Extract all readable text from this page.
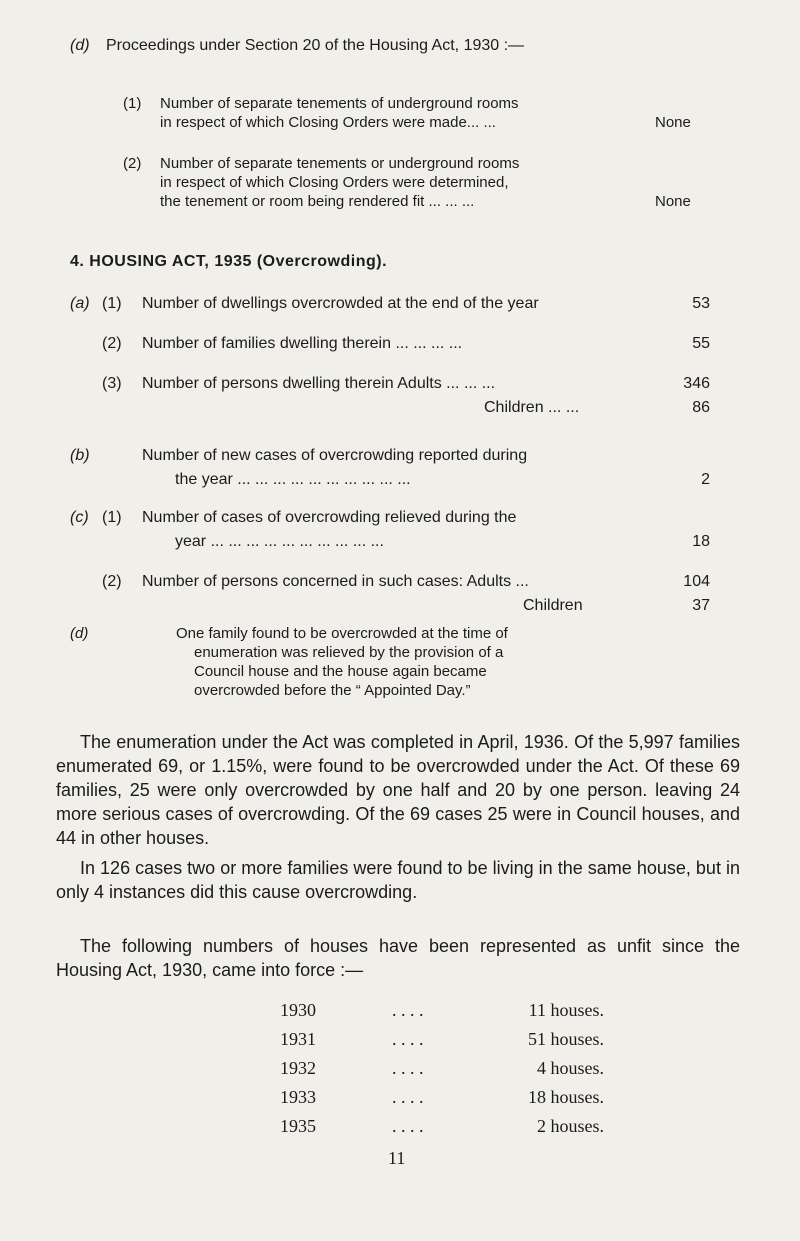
(d) Proceedings under Section 20 of the Housing Act, 1930 :—
(1) Number of separate tenements of underground rooms
in respect of which Closing Orders were made... ...	None
(2) Number of separate tenements or underground rooms
in respect of which Closing Orders were determined,
the tenement or room being rendered fit ... ... ...	None
4. HOUSING ACT, 1935 (Overcrowding).
(a) (1) Number of dwellings overcrowded at the end of the year	53
(2) Number of families dwelling therein ... ... ... ...	55
(3) Number of persons dwelling therein Adults ... ... ...	346
Children ... ...	86
(b)	Number of new cases of overcrowding reported during
the year ... ... ... ... ... ... ... ... ... ...	2
(c) (1) Number of cases of overcrowding relieved during the
year ... ... ... ... ... ... ... ... ... ...	18
(2) Number of persons concerned in such cases: Adults ...	104
Children	37
(d)	One family found to be overcrowded at the time of
enumeration was relieved by the provision of a
Council house and the house again became
overcrowded before the “ Appointed Day.”
The enumeration under the Act was completed in April, 1936. Of the 5,997 families enumerated 69, or 1.15%, were found to be overcrowded under the Act. Of these 69 families, 25 were only overcrowded by one half and 20 by one person. leaving 24 more serious cases of overcrowding. Of the 69 cases 25 were in Council houses, and 44 in other houses.
In 126 cases two or more families were found to be living in the same house, but in only 4 instances did this cause overcrowding.
The following numbers of houses have been represented as unfit since the Housing Act, 1930, came into force :—
1930	. . . .	11 houses.
1931	. . . .	51 houses.
1932	. . . .	4 houses.
1933	. . . .	18 houses.
1935	. . . .	2 houses.
11
